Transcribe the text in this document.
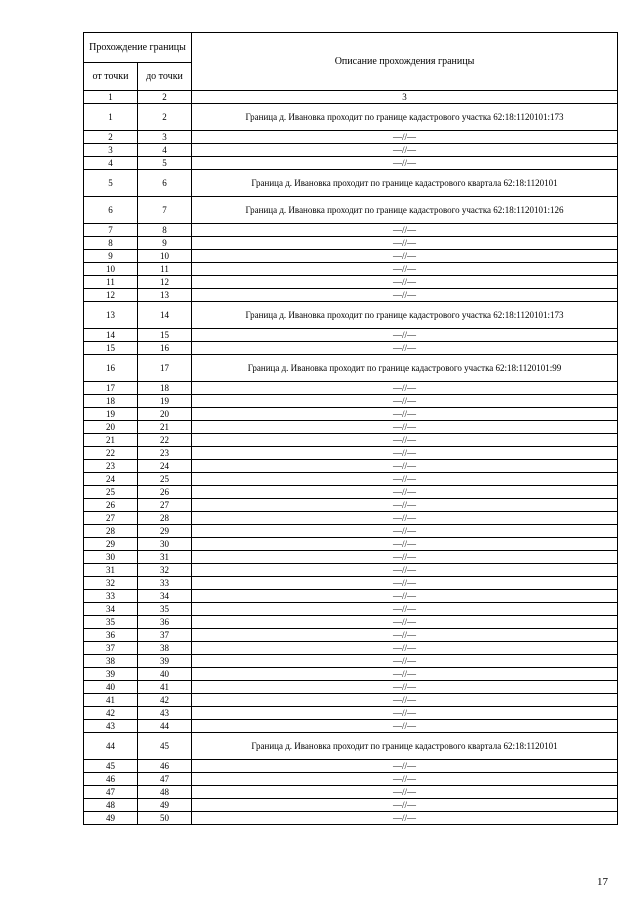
Прохождение границы		Описание прохождения границы
от точки	до точки	
1	2	3
1	2	Граница д. Ивановка проходит по границе кадастрового участка 62:18:1120101:173
2	3	—//—
3	4	—//—
4	5	—//—
5	6	Граница д. Ивановка проходит по границе кадастрового квартала 62:18:1120101
6	7	Граница д. Ивановка проходит по границе кадастрового участка 62:18:1120101:126
7	8	—//—
8	9	—//—
9	10	—//—
10	11	—//—
11	12	—//—
12	13	—//—
13	14	Граница д. Ивановка проходит по границе кадастрового участка 62:18:1120101:173
14	15	—//—
15	16	—//—
16	17	Граница д. Ивановка проходит по границе кадастрового участка 62:18:1120101:99
17	18	—//—
18	19	—//—
19	20	—//—
20	21	—//—
21	22	—//—
22	23	—//—
23	24	—//—
24	25	—//—
25	26	—//—
26	27	—//—
27	28	—//—
28	29	—//—
29	30	—//—
30	31	—//—
31	32	—//—
32	33	—//—
33	34	—//—
34	35	—//—
35	36	—//—
36	37	—//—
37	38	—//—
38	39	—//—
39	40	—//—
40	41	—//—
41	42	—//—
42	43	—//—
43	44	—//—
44	45	Граница д. Ивановка проходит по границе кадастрового квартала 62:18:1120101
45	46	—//—
46	47	—//—
47	48	—//—
48	49	—//—
49	50	—//—
17
